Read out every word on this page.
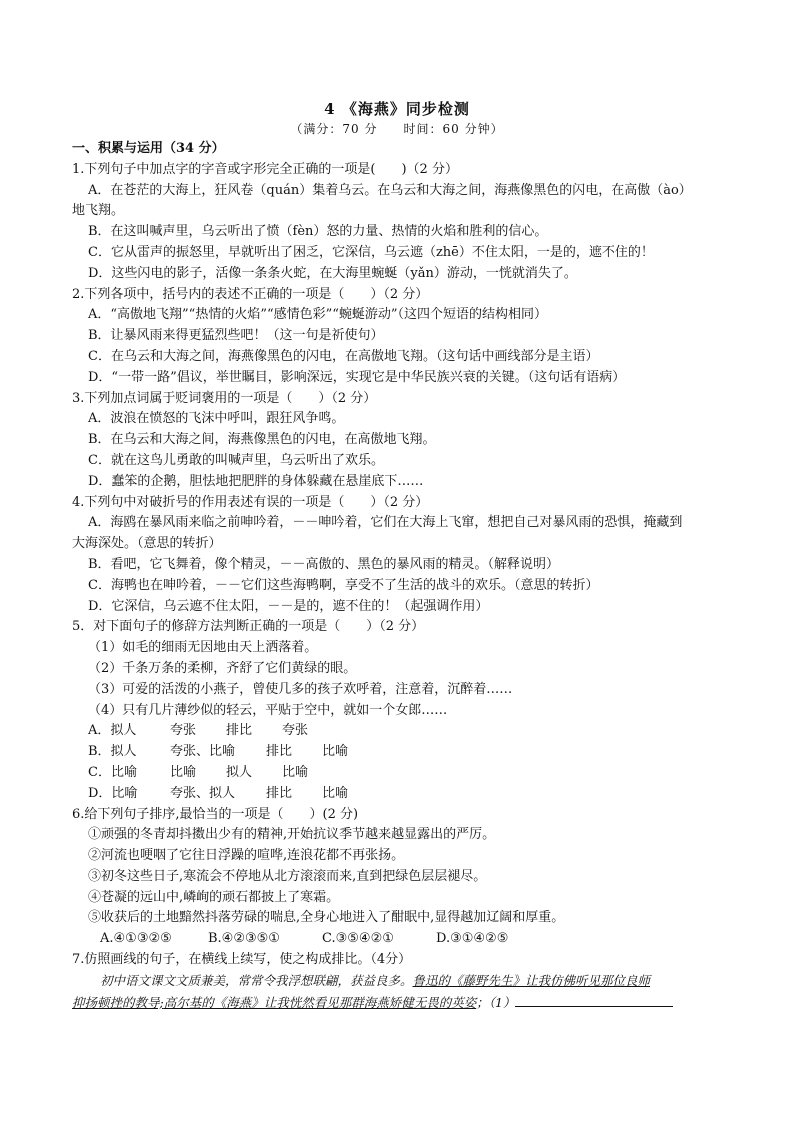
4 《海燕》同步检测
（满分：70 分　　时间：60 分钟）
一、积累与运用（34 分）
1.下列句子中加点字的字音或字形完全正确的一项是(　　)（2 分）
A．在苍茫的大海上，狂风卷（quán）集着乌云。在乌云和大海之间，海燕像黑色的闪电，在高傲（ào）
地飞翔。
B．在这叫喊声里，乌云听出了愤（fèn）怒的力量、热情的火焰和胜利的信心。
C．它从雷声的振怒里，早就听出了困乏，它深信，乌云遮（zhē）不住太阳，一是的，遮不住的！
D．这些闪电的影子，活像一条条火蛇，在大海里蜿蜒（yǎn）游动，一恍就消失了。
2.下列各项中，括号内的表述不正确的一项是（　　）（2 分）
A．“高傲地飞翔”“热情的火焰”“感情色彩”“蜿蜒游动”（这四个短语的结构相同）
B．让暴风雨来得更猛烈些吧！（这一句是祈使句）
C．在乌云和大海之间，海燕像黑色的闪电，在高傲地飞翔。（这句话中画线部分是主语）
D．“一带一路”倡议，举世瞩目，影响深远，实现它是中华民族兴衰的关键。（这句话有语病）
3.下列加点词属于贬词褒用的一项是（　　）（2 分）
A．波浪在愤怒的飞沫中呼叫，跟狂风争鸣。
B．在乌云和大海之间，海燕像黑色的闪电，在高傲地飞翔。
C．就在这鸟儿勇敢的叫喊声里，乌云听出了欢乐。
D．蠢笨的企鹅，胆怯地把肥胖的身体躲藏在悬崖底下……
4.下列句中对破折号的作用表述有误的一项是（　　）（2 分）
A．海鸥在暴风雨来临之前呻吟着，－－呻吟着，它们在大海上飞窜，想把自己对暴风雨的恐惧，掩藏到
大海深处。（意思的转折）
B．看吧，它飞舞着，像个精灵，－－高傲的、黑色的暴风雨的精灵。（解释说明）
C．海鸭也在呻吟着，－－它们这些海鸭啊，享受不了生活的战斗的欢乐。（意思的转折）
D．它深信，乌云遮不住太阳，－－是的，遮不住的！（起强调作用）
5．对下面句子的修辞方法判断正确的一项是（　　）（2 分）
（1）如毛的细雨无因地由天上洒落着。
（2）千条万条的柔柳，齐舒了它们黄绿的眼。
（3）可爱的活泼的小燕子，曾使几多的孩子欢呼着，注意着，沉醉着……
（4）只有几片薄纱似的轻云，平贴于空中，就如一个女郎……
A．拟人	夸张 排比 夸张
B．拟人	夸张、比喻 排比 比喻
C．比喻	比喻 拟人 比喻
D．比喻	夸张、拟人 排比 比喻
6.给下列句子排序,最恰当的一项是（　　）(2 分)
①顽强的冬青却抖擞出少有的精神,开始抗议季节越来越显露出的严厉。
②河流也哽咽了它往日浮躁的喧哗,连浪花都不再张扬。
③初冬这些日子,寒流会不停地从北方滚滚而来,直到把绿色层层褪尽。
④苍凝的远山中,嶙峋的顽石都披上了寒霜。
⑤收获后的土地黯然抖落劳碌的喘息,全身心地进入了酣眠中,显得越加辽阔和厚重。
A.④①③②⑤	B.④②③⑤①	C.③⑤④②①	D.③①④②⑤
7.仿照画线的句子，在横线上续写，使之构成排比。（4分）
初中语文课文文质兼美，常常令我浮想联翩，获益良多。鲁迅的《藤野先生》让我仿佛听见那位良师
抑扬顿挫的教导;高尔基的《海燕》让我恍然看见那群海燕矫健无畏的英姿；（1）
